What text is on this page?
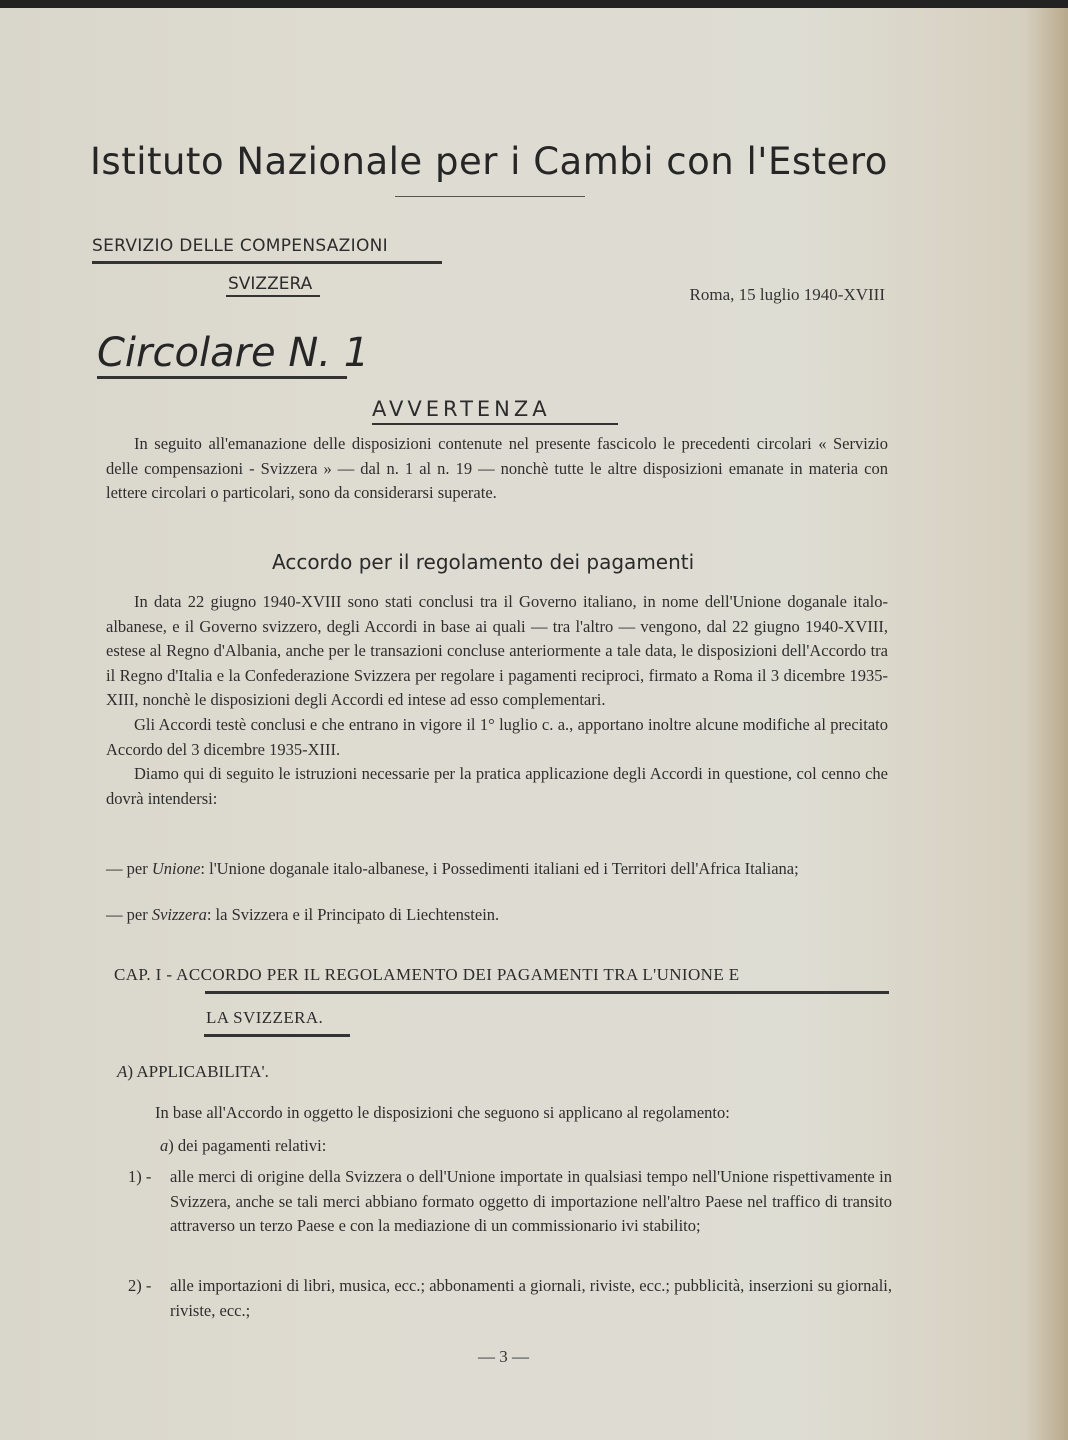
Istituto Nazionale per i Cambi con l'Estero
SERVIZIO DELLE COMPENSAZIONI
SVIZZERA
Roma, 15 luglio 1940-XVIII
Circolare N. 1
AVVERTENZA

In seguito all'emanazione delle disposizioni contenute nel presente fascicolo le precedenti circolari « Servizio delle compensazioni - Svizzera » — dal n. 1 al n. 19 — nonchè tutte le altre disposizioni emanate in materia con lettere circolari o particolari, sono da considerarsi superate.

Accordo per il regolamento dei pagamenti

In data 22 giugno 1940-XVIII sono stati conclusi tra il Governo italiano, in nome dell'Unione doganale italo-albanese, e il Governo svizzero, degli Accordi in base ai quali — tra l'altro — vengono, dal 22 giugno 1940-XVIII, estese al Regno d'Albania, anche per le transazioni concluse anteriormente a tale data, le disposizioni dell'Accordo tra il Regno d'Italia e la Confederazione Svizzera per regolare i pagamenti reciproci, firmato a Roma il 3 dicembre 1935-XIII, nonchè le disposizioni degli Accordi ed intese ad esso complementari.

Gli Accordi testè conclusi e che entrano in vigore il 1° luglio c. a., apportano inoltre alcune modifiche al precitato Accordo del 3 dicembre 1935-XIII.

Diamo qui di seguito le istruzioni necessarie per la pratica applicazione degli Accordi in questione, col cenno che dovrà intendersi:

— per Unione: l'Unione doganale italo-albanese, i Possedimenti italiani ed i Territori dell'Africa Italiana;
— per Svizzera: la Svizzera e il Principato di Liechtenstein.
CAP. I - ACCORDO PER IL REGOLAMENTO DEI PAGAMENTI TRA L'UNIONE E
LA SVIZZERA.
A) APPLICABILITA'.

In base all'Accordo in oggetto le disposizioni che seguono si applicano al regolamento:

a) dei pagamenti relativi:
1) - alle merci di origine della Svizzera o dell'Unione importate in qualsiasi tempo nell'Unione rispettivamente in Svizzera, anche se tali merci abbiano formato oggetto di importazione nell'altro Paese nel traffico di transito attraverso un terzo Paese e con la mediazione di un commissionario ivi stabilito;
2) - alle importazioni di libri, musica, ecc.; abbonamenti a giornali, riviste, ecc.; pubblicità, inserzioni su giornali, riviste, ecc.;
— 3 —
